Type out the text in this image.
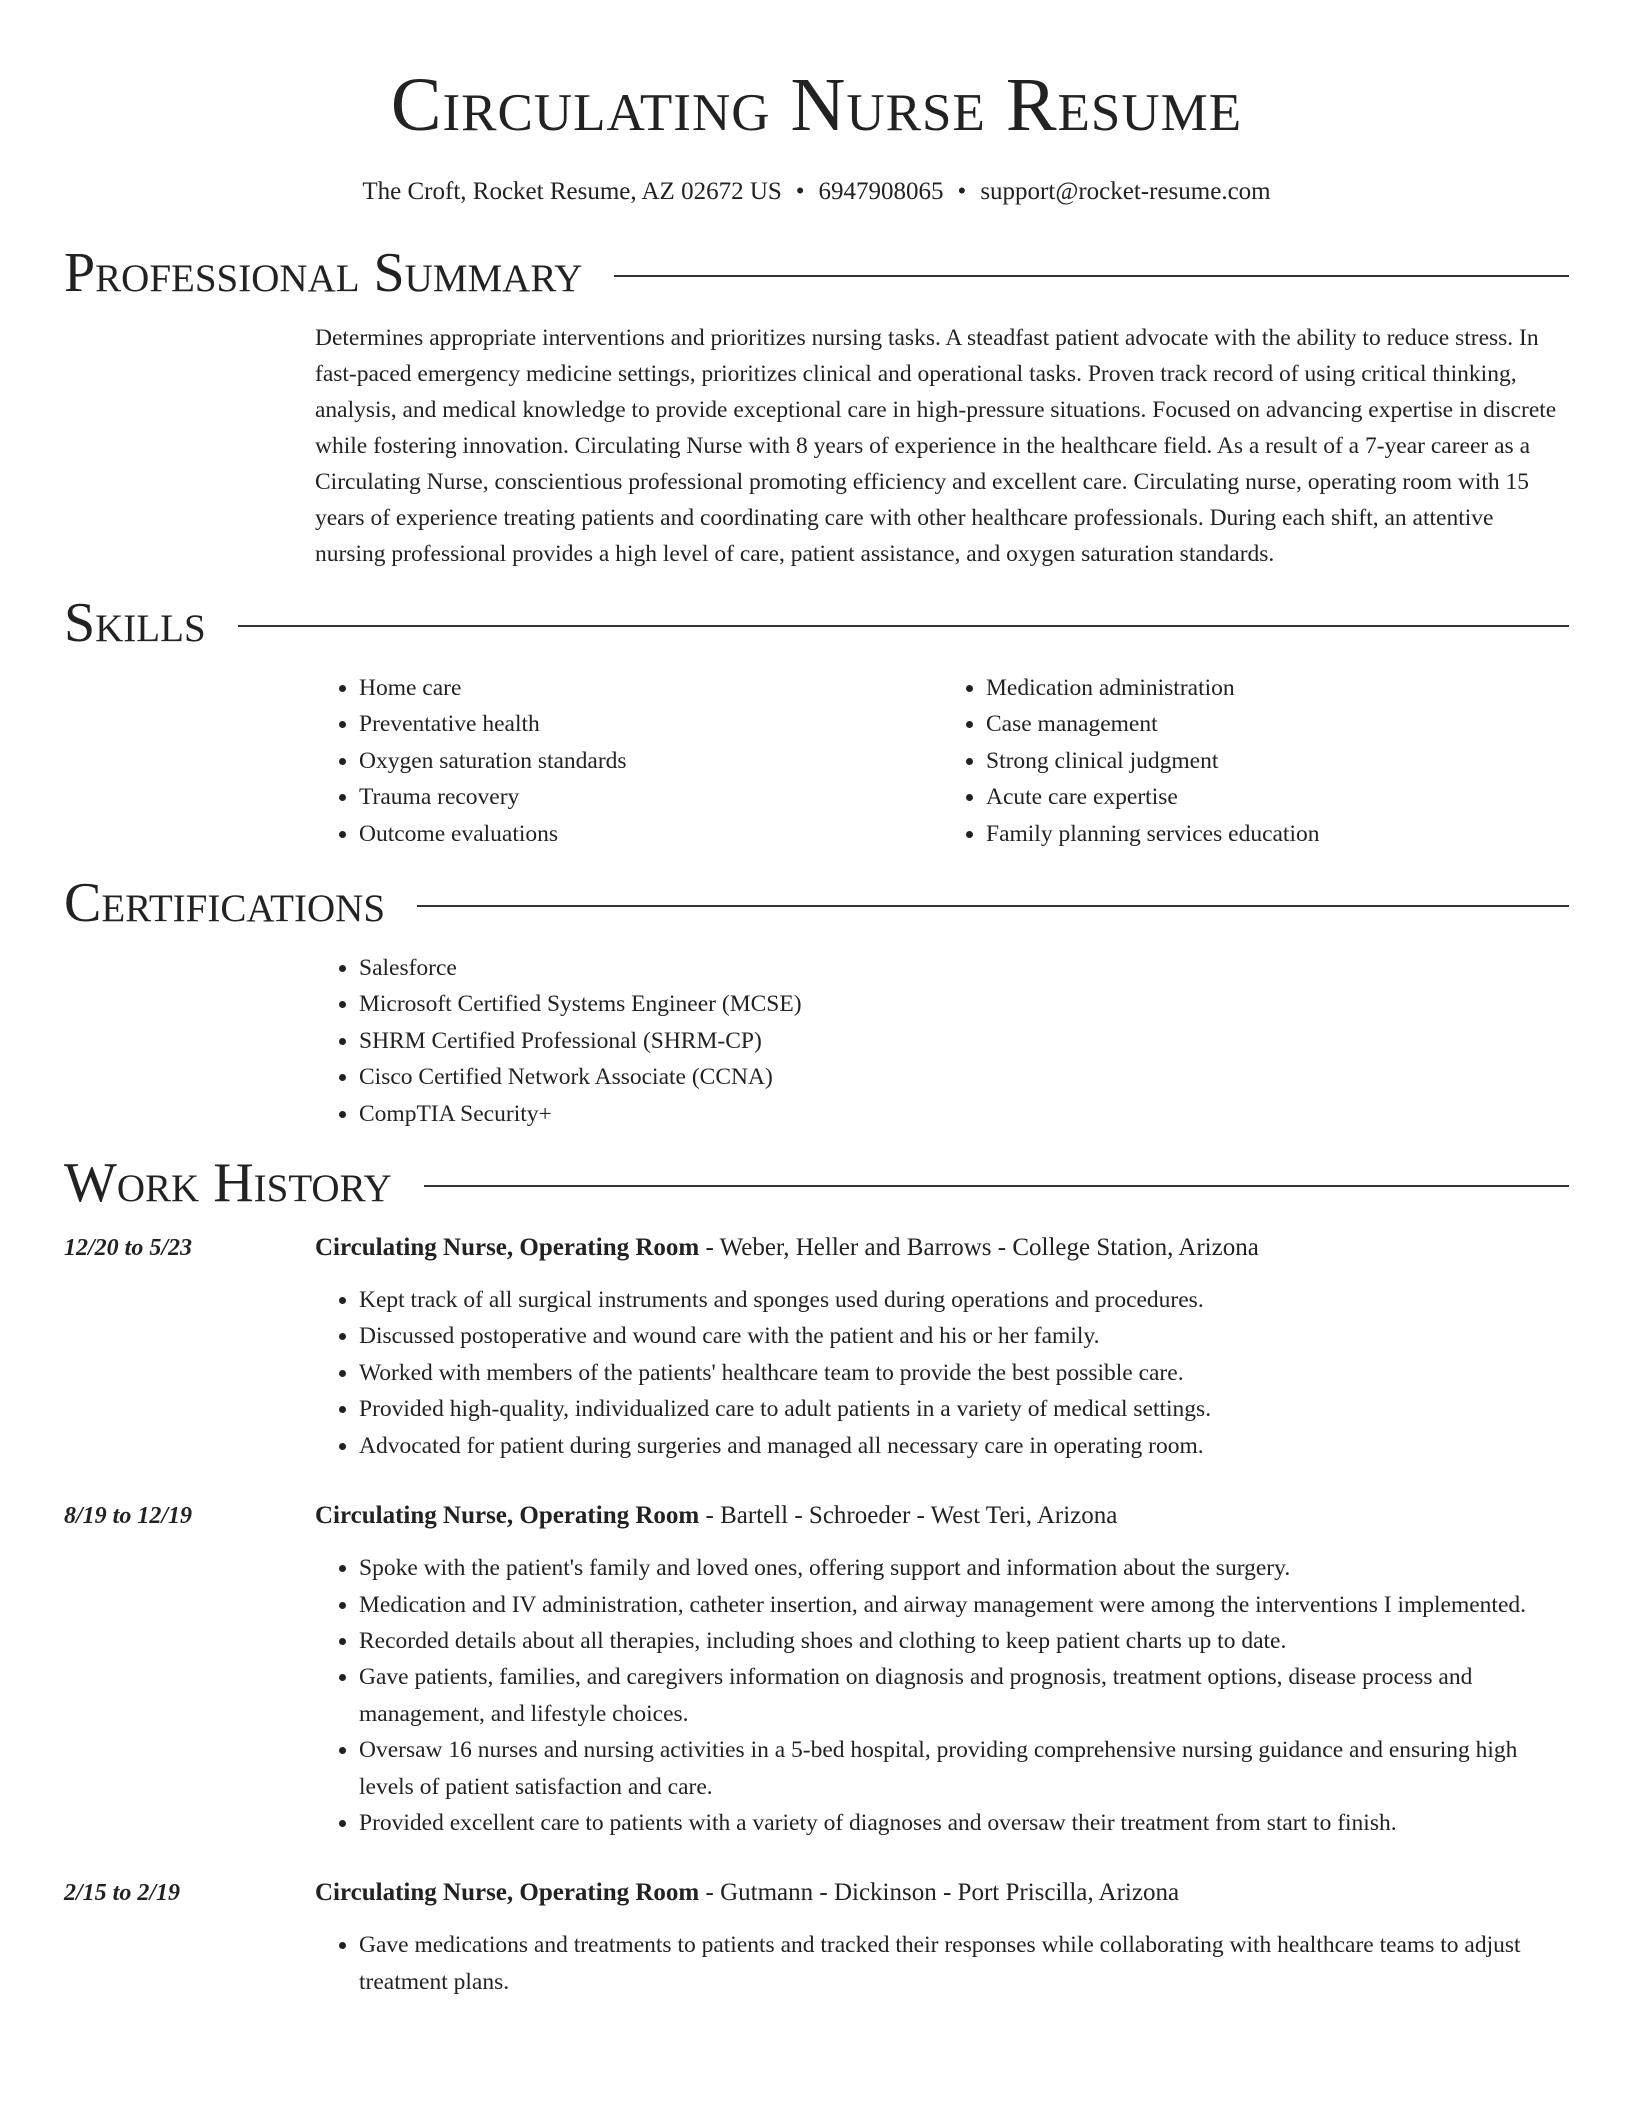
Circulating Nurse Resume
The Croft, Rocket Resume, AZ 02672 US • 6947908065 • support@rocket-resume.com
Professional Summary

Determines appropriate interventions and prioritizes nursing tasks. A steadfast patient advocate with the ability to reduce stress. In fast-paced emergency medicine settings, prioritizes clinical and operational tasks. Proven track record of using critical thinking, analysis, and medical knowledge to provide exceptional care in high-pressure situations. Focused on advancing expertise in discrete while fostering innovation. Circulating Nurse with 8 years of experience in the healthcare field. As a result of a 7-year career as a Circulating Nurse, conscientious professional promoting efficiency and excellent care. Circulating nurse, operating room with 15 years of experience treating patients and coordinating care with other healthcare professionals. During each shift, an attentive nursing professional provides a high level of care, patient assistance, and oxygen saturation standards.

Skills
• Home care
• Preventative health
• Oxygen saturation standards
• Trauma recovery
• Outcome evaluations
• Medication administration
• Case management
• Strong clinical judgment
• Acute care expertise
• Family planning services education
Certifications
• Salesforce
• Microsoft Certified Systems Engineer (MCSE)
• SHRM Certified Professional (SHRM-CP)
• Cisco Certified Network Associate (CCNA)
• CompTIA Security+
Work History
12/20 to 5/23	Circulating Nurse, Operating Room - Weber, Heller and Barrows - College Station, Arizona
• Kept track of all surgical instruments and sponges used during operations and procedures.
• Discussed postoperative and wound care with the patient and his or her family.
• Worked with members of the patients' healthcare team to provide the best possible care.
• Provided high-quality, individualized care to adult patients in a variety of medical settings.
• Advocated for patient during surgeries and managed all necessary care in operating room.
8/19 to 12/19	Circulating Nurse, Operating Room - Bartell - Schroeder - West Teri, Arizona
• Spoke with the patient's family and loved ones, offering support and information about the surgery.
• Medication and IV administration, catheter insertion, and airway management were among the interventions I implemented.
• Recorded details about all therapies, including shoes and clothing to keep patient charts up to date.
• Gave patients, families, and caregivers information on diagnosis and prognosis, treatment options, disease process and management, and lifestyle choices.
• Oversaw 16 nurses and nursing activities in a 5-bed hospital, providing comprehensive nursing guidance and ensuring high levels of patient satisfaction and care.
• Provided excellent care to patients with a variety of diagnoses and oversaw their treatment from start to finish.
2/15 to 2/19	Circulating Nurse, Operating Room - Gutmann - Dickinson - Port Priscilla, Arizona
• Gave medications and treatments to patients and tracked their responses while collaborating with healthcare teams to adjust treatment plans.
